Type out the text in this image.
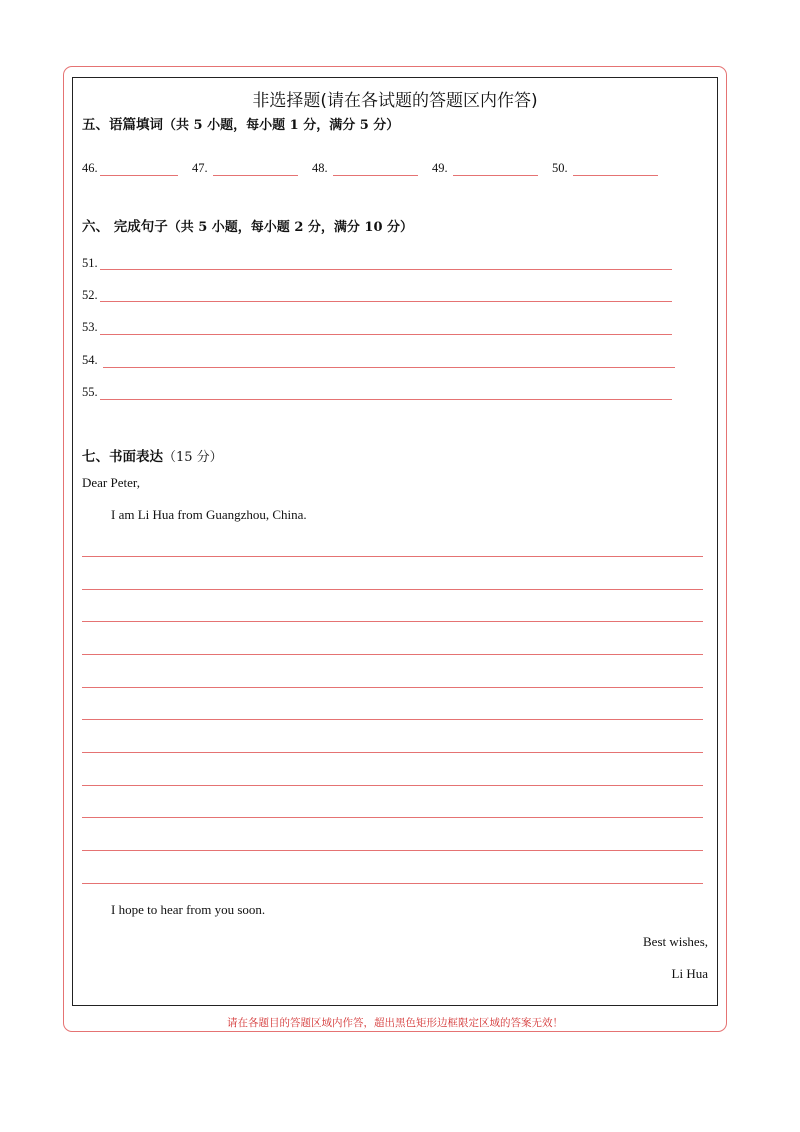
非选择题(请在各试题的答题区内作答)
五、语篇填词（共 5 小题，每小题 1 分，满分 5 分）
46.	47.	48.	49.	50.
六、 完成句子（共 5 小题，每小题 2 分，满分 10 分）
51.
52.
53.
54.
55.
七、书面表达（15 分）
Dear Peter,
I am Li Hua from Guangzhou, China.
I hope to hear from you soon.
Best wishes,
Li Hua
请在各题目的答题区域内作答，超出黑色矩形边框限定区域的答案无效！
